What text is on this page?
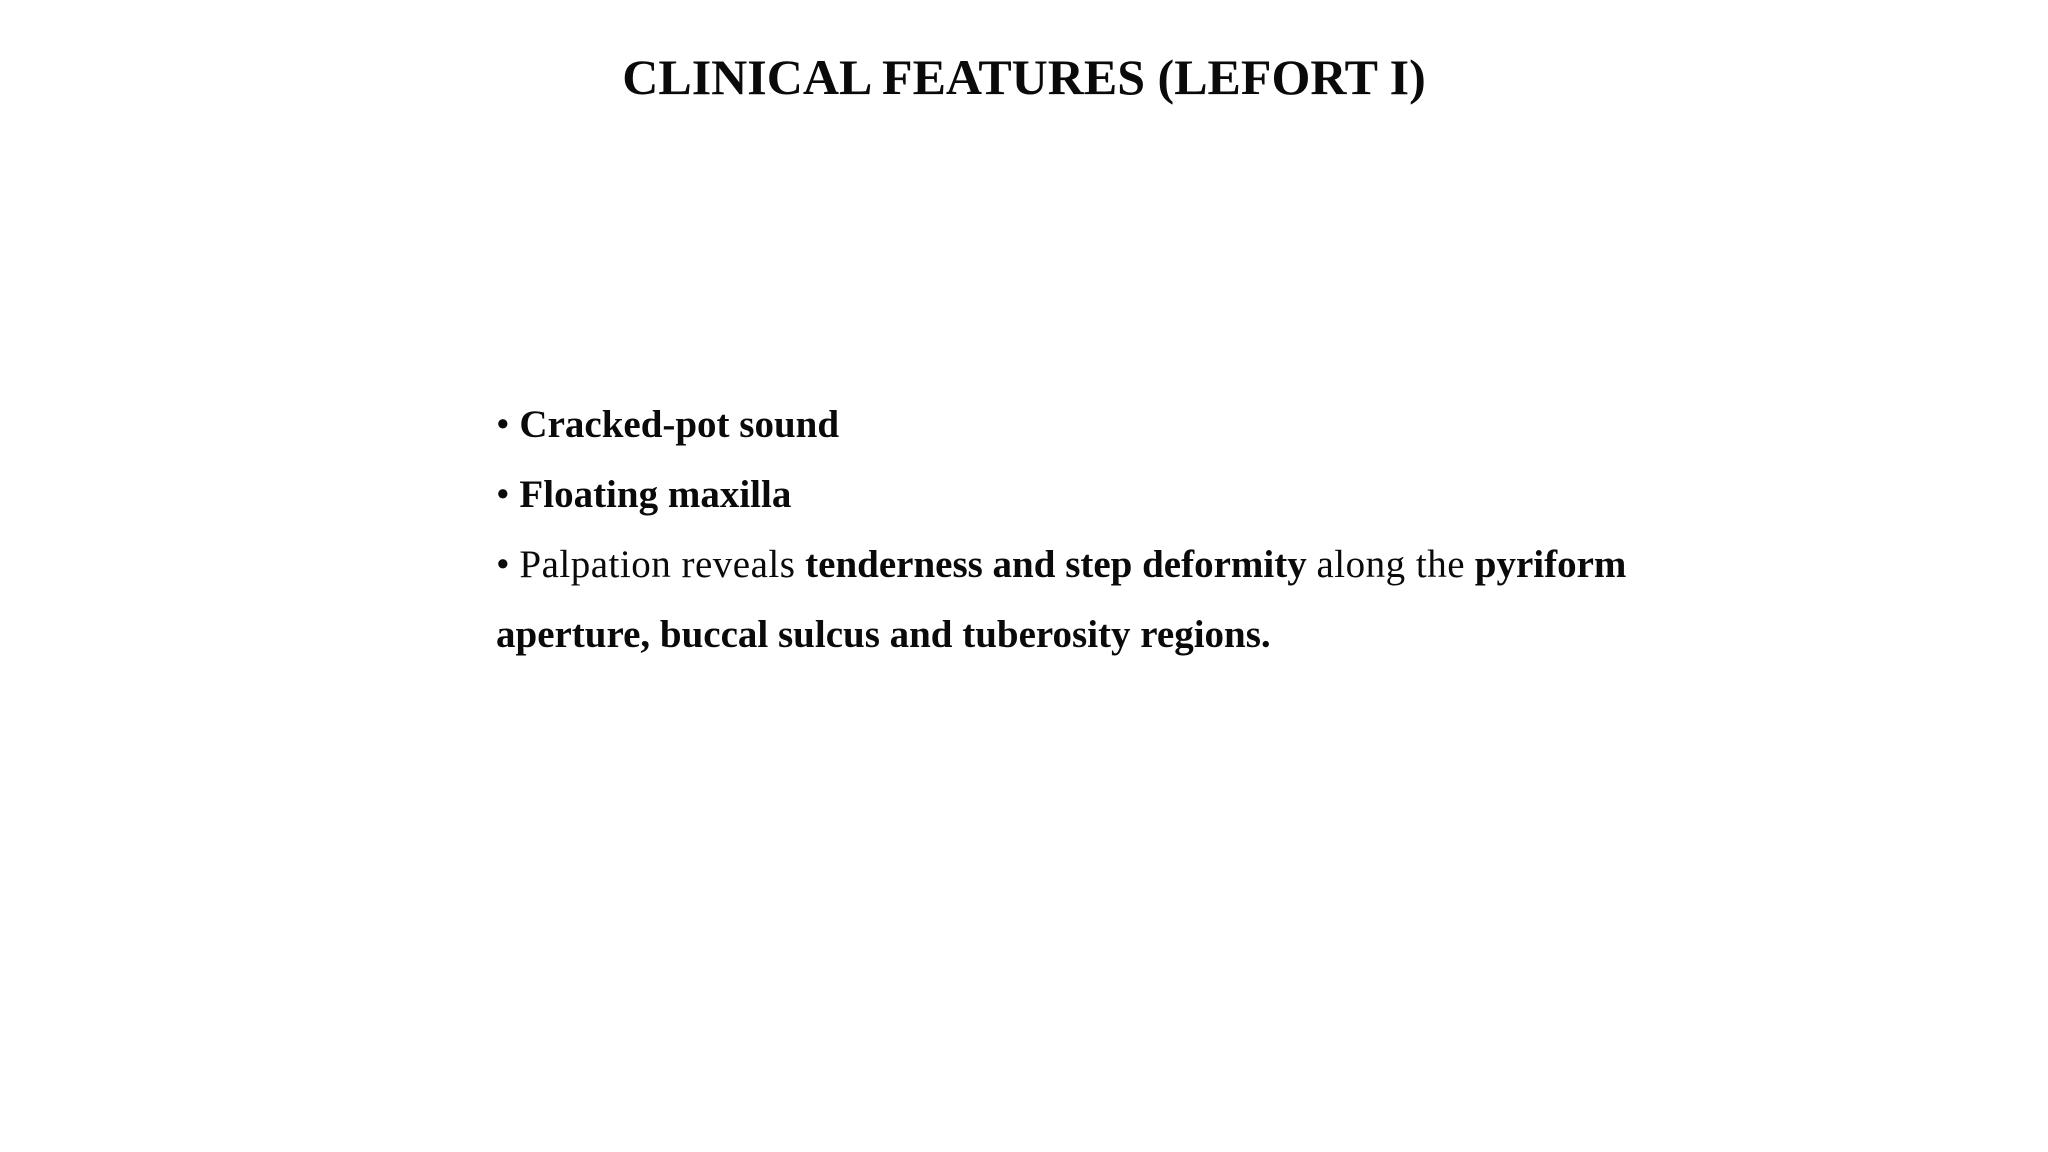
CLINICAL FEATURES (LEFORT I)
• Cracked-pot sound
• Floating maxilla
• Palpation reveals tenderness and step deformity along the pyriform aperture, buccal sulcus and tuberosity regions.
